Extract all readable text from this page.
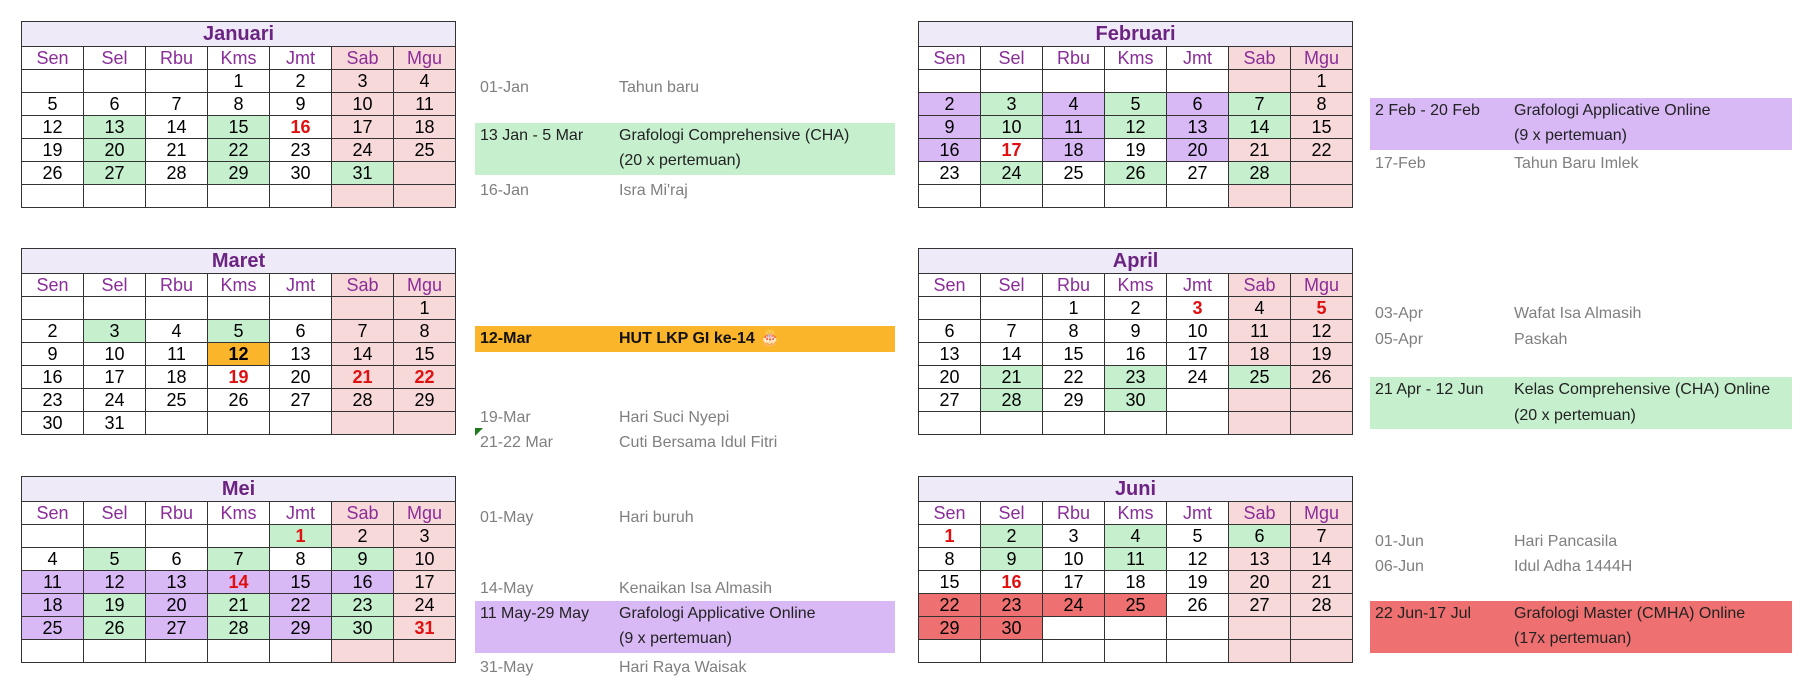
Januari						
Sen	Sel	Rbu	Kms	Jmt	Sab	Mgu
			1	2	3	4
5	6	7	8	9	10	11
12	13	14	15	16	17	18
19	20	21	22	23	24	25
26	27	28	29	30	31	

Februari						
Sen	Sel	Rbu	Kms	Jmt	Sab	Mgu
						1
2	3	4	5	6	7	8
9	10	11	12	13	14	15
16	17	18	19	20	21	22
23	24	25	26	27	28	

Maret						
Sen	Sel	Rbu	Kms	Jmt	Sab	Mgu
						1
2	3	4	5	6	7	8
9	10	11	12	13	14	15
16	17	18	19	20	21	22
23	24	25	26	27	28	29
30	31					
April						
Sen	Sel	Rbu	Kms	Jmt	Sab	Mgu
		1	2	3	4	5
6	7	8	9	10	11	12
13	14	15	16	17	18	19
20	21	22	23	24	25	26
27	28	29	30			

Mei						
Sen	Sel	Rbu	Kms	Jmt	Sab	Mgu
				1	2	3
4	5	6	7	8	9	10
11	12	13	14	15	16	17
18	19	20	21	22	23	24
25	26	27	28	29	30	31

Juni						
Sen	Sel	Rbu	Kms	Jmt	Sab	Mgu
1	2	3	4	5	6	7
8	9	10	11	12	13	14
15	16	17	18	19	20	21
22	23	24	25	26	27	28
29	30					

01-Jan	Tahun baru
13 Jan - 5 Mar Grafologi Comprehensive (CHA)
(20 x pertemuan)
16-Jan	Isra Mi'raj
2 Feb - 20 Feb Grafologi Applicative Online
(9 x pertemuan)
17-Feb	Tahun Baru Imlek
12-Mar	HUT LKP GI ke-14 🎂
19-Mar	Hari Suci Nyepi
21-22 Mar	Cuti Bersama Idul Fitri
03-Apr	Wafat Isa Almasih
05-Apr	Paskah
21 Apr - 12 Jun Kelas Comprehensive (CHA) Online
(20 x pertemuan)
01-May	Hari buruh
14-May	Kenaikan Isa Almasih
11 May-29 May Grafologi Applicative Online
(9 x pertemuan)
31-May	Hari Raya Waisak
01-Jun	Hari Pancasila
06-Jun	Idul Adha 1444H
22 Jun-17 Jul	Grafologi Master (CMHA) Online
(17x pertemuan)
